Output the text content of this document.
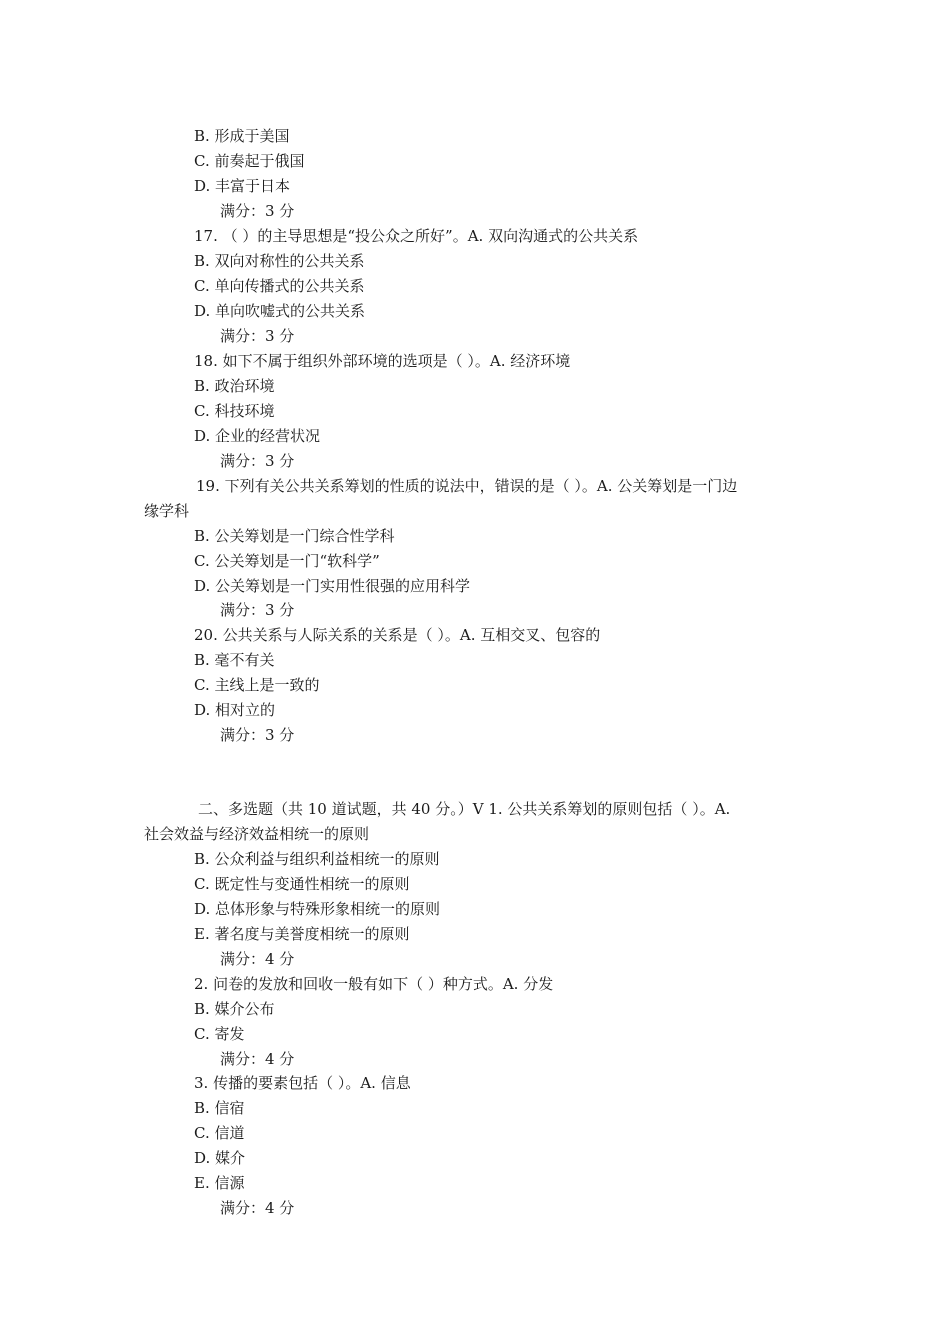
B. 形成于美国
C. 前奏起于俄国
D. 丰富于日本
满分：3 分
17. （ ）的主导思想是“投公众之所好”。A. 双向沟通式的公共关系
B. 双向对称性的公共关系
C. 单向传播式的公共关系
D. 单向吹嘘式的公共关系
满分：3 分
18. 如下不属于组织外部环境的选项是（ ）。A. 经济环境
B. 政治环境
C. 科技环境
D. 企业的经营状况
满分：3 分
19. 下列有关公共关系筹划的性质的说法中，错误的是（ ）。A. 公关筹划是一门边
缘学科
B. 公关筹划是一门综合性学科
C. 公关筹划是一门“软科学”
D. 公关筹划是一门实用性很强的应用科学
满分：3 分
20. 公共关系与人际关系的关系是（ ）。A. 互相交叉、包容的
B. 毫不有关
C. 主线上是一致的
D. 相对立的
满分：3 分
二、多选题（共 10 道试题，共 40 分。）V 1. 公共关系筹划的原则包括（ ）。A.
社会效益与经济效益相统一的原则
B. 公众利益与组织利益相统一的原则
C. 既定性与变通性相统一的原则
D. 总体形象与特殊形象相统一的原则
E. 著名度与美誉度相统一的原则
满分：4 分
2. 问卷的发放和回收一般有如下（ ）种方式。A. 分发
B. 媒介公布
C. 寄发
满分：4 分
3. 传播的要素包括（ ）。A. 信息
B. 信宿
C. 信道
D. 媒介
E. 信源
满分：4 分
